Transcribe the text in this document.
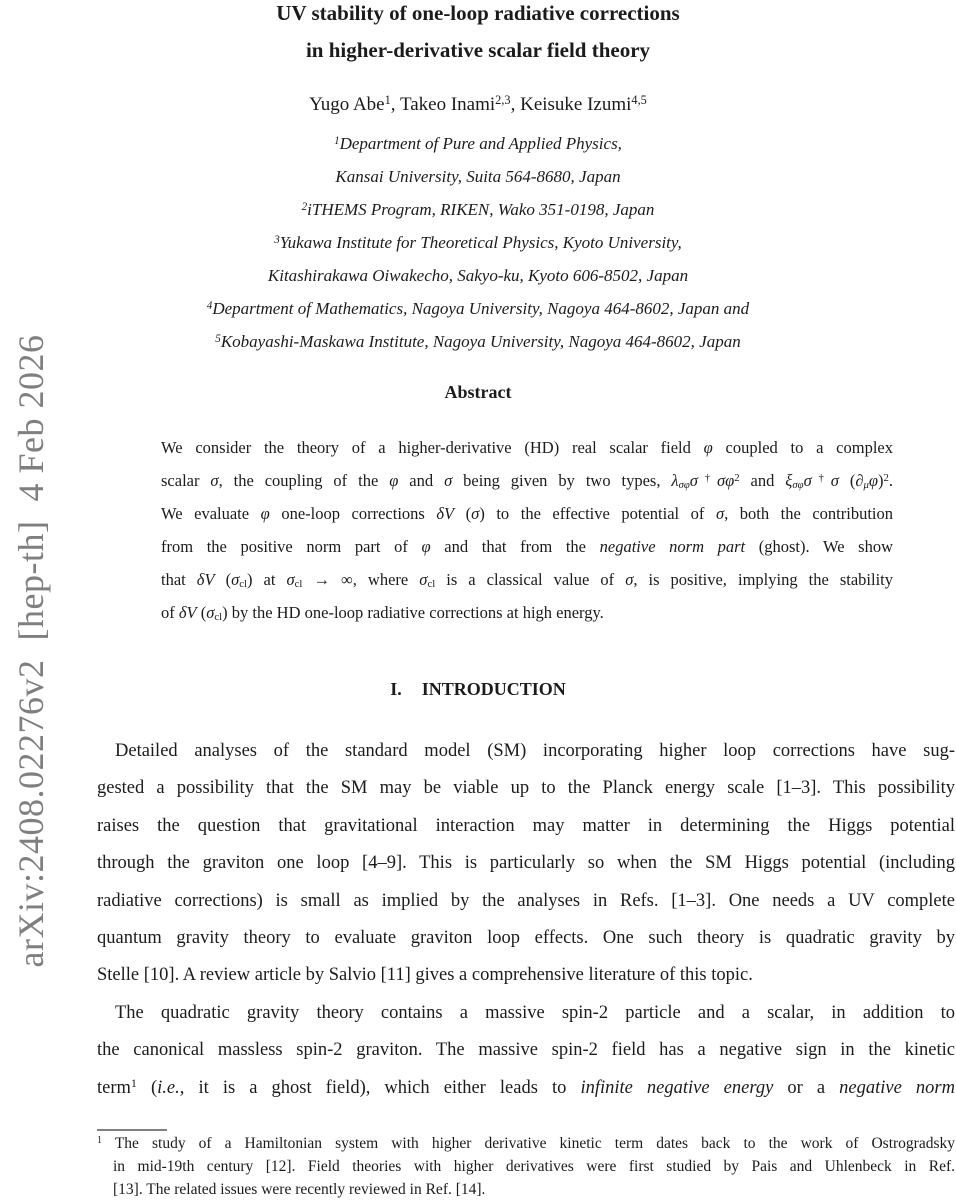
arXiv:2408.02276v2  [hep-th]  4 Feb 2026
UV stability of one-loop radiative corrections
in higher-derivative scalar field theory
Yugo Abe$^1$, Takeo Inami$^{2,3}$, Keisuke Izumi$^{4,5}$
$^1$Department of Pure and Applied Physics,
Kansai University, Suita 564-8680, Japan
$^2$iTHEMS Program, RIKEN, Wako 351-0198, Japan
$^3$Yukawa Institute for Theoretical Physics, Kyoto University,
Kitashirakawa Oiwakecho, Sakyo-ku, Kyoto 606-8502, Japan
$^4$Department of Mathematics, Nagoya University, Nagoya 464-8602, Japan and
$^5$Kobayashi-Maskawa Institute, Nagoya University, Nagoya 464-8602, Japan
Abstract
We consider the theory of a higher-derivative (HD) real scalar field φ coupled to a complex
scalar σ, the coupling of the φ and σ being given by two types, $\lambda_{\sigma\varphi}\sigma^\dagger\sigma\varphi^2$ and $\xi_{\sigma\varphi}\sigma^\dagger\sigma$ $(\partial_\mu\varphi)^2$.
We evaluate φ one-loop corrections δV (σ) to the effective potential of σ, both the contribution
from the positive norm part of φ and that from the negative norm part (ghost). We show
that δV $(\sigma_{cl})$ at $\sigma_{cl}$ → ∞, where $\sigma_{cl}$ is a classical value of σ, is positive, implying the stability
of δV $(\sigma_{cl})$ by the HD one-loop radiative corrections at high energy.
I. INTRODUCTION
Detailed analyses of the standard model (SM) incorporating higher loop corrections have sug-
gested a possibility that the SM may be viable up to the Planck energy scale [1–3]. This possibility
raises the question that gravitational interaction may matter in determining the Higgs potential
through the graviton one loop [4–9]. This is particularly so when the SM Higgs potential (including
radiative corrections) is small as implied by the analyses in Refs. [1–3]. One needs a UV complete
quantum gravity theory to evaluate graviton loop effects. One such theory is quadratic gravity by
Stelle [10]. A review article by Salvio [11] gives a comprehensive literature of this topic.
The quadratic gravity theory contains a massive spin-2 particle and a scalar, in addition to
the canonical massless spin-2 graviton. The massive spin-2 field has a negative sign in the kinetic
term$^1$ (i.e., it is a ghost field), which either leads to infinite negative energy or a negative norm
$^1$ The study of a Hamiltonian system with higher derivative kinetic term dates back to the work of Ostrogradsky
in mid-19th century [12]. Field theories with higher derivatives were first studied by Pais and Uhlenbeck in Ref.
[13]. The related issues were recently reviewed in Ref. [14].
